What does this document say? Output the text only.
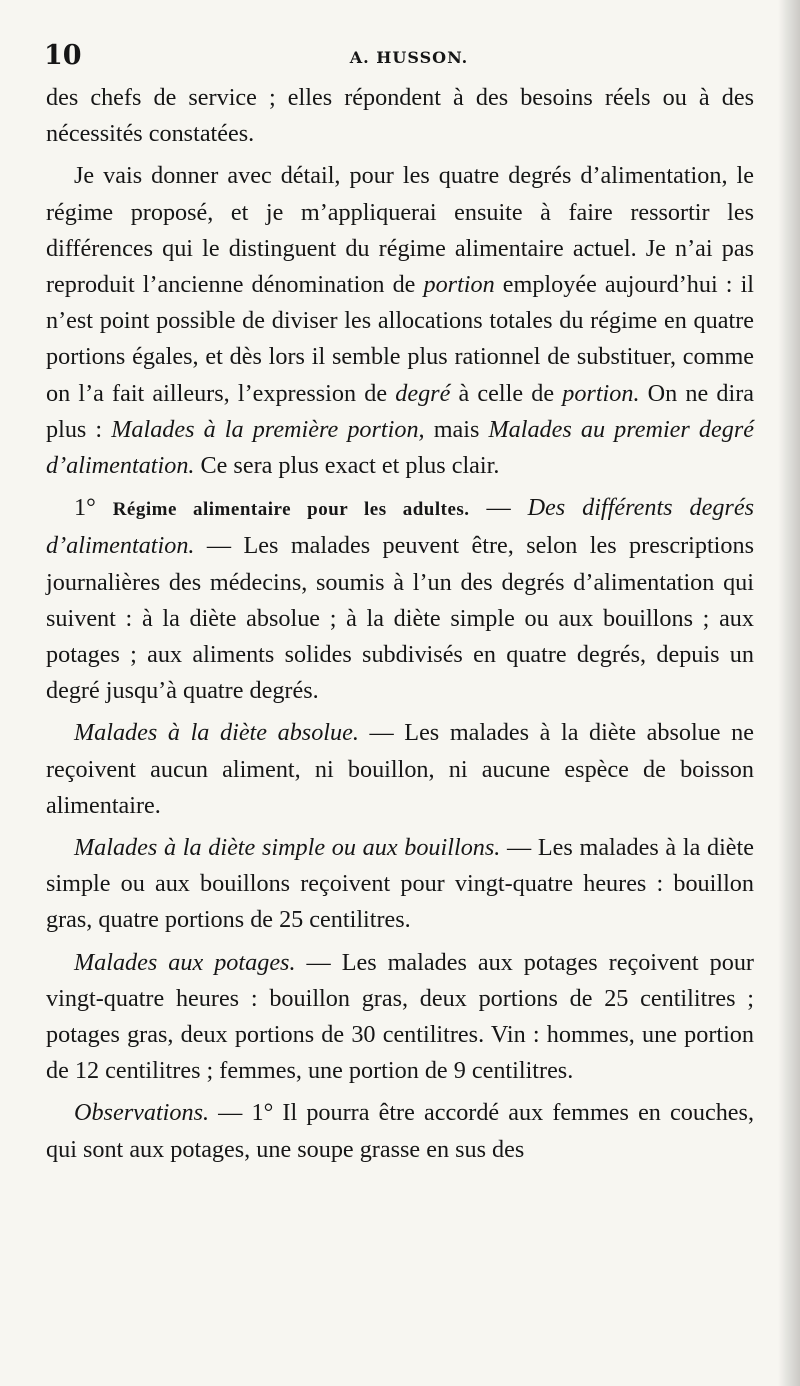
10	A. HUSSON.

des chefs de service ; elles répondent à des besoins réels ou à des nécessités constatées.

Je vais donner avec détail, pour les quatre degrés d’alimentation, le régime proposé, et je m’appliquerai ensuite à faire ressortir les différences qui le distinguent du régime alimentaire actuel. Je n’ai pas reproduit l’ancienne dénomination de portion employée aujourd’hui : il n’est point possible de diviser les allocations totales du régime en quatre portions égales, et dès lors il semble plus rationnel de substituer, comme on l’a fait ailleurs, l’expression de degré à celle de portion. On ne dira plus : Malades à la première portion, mais Malades au premier degré d’alimentation. Ce sera plus exact et plus clair.

1° Régime alimentaire pour les adultes. — Des différents degrés d’alimentation. — Les malades peuvent être, selon les prescriptions journalières des médecins, soumis à l’un des degrés d’alimentation qui suivent : à la diète absolue ; à la diète simple ou aux bouillons ; aux potages ; aux aliments solides subdivisés en quatre degrés, depuis un degré jusqu’à quatre degrés.

Malades à la diète absolue. — Les malades à la diète absolue ne reçoivent aucun aliment, ni bouillon, ni aucune espèce de boisson alimentaire.

Malades à la diète simple ou aux bouillons. — Les malades à la diète simple ou aux bouillons reçoivent pour vingt-quatre heures : bouillon gras, quatre portions de 25 centilitres.

Malades aux potages. — Les malades aux potages reçoivent pour vingt-quatre heures : bouillon gras, deux portions de 25 centilitres ; potages gras, deux portions de 30 centilitres. Vin : hommes, une portion de 12 centilitres ; femmes, une portion de 9 centilitres.

Observations. — 1° Il pourra être accordé aux femmes en couches, qui sont aux potages, une soupe grasse en sus des
